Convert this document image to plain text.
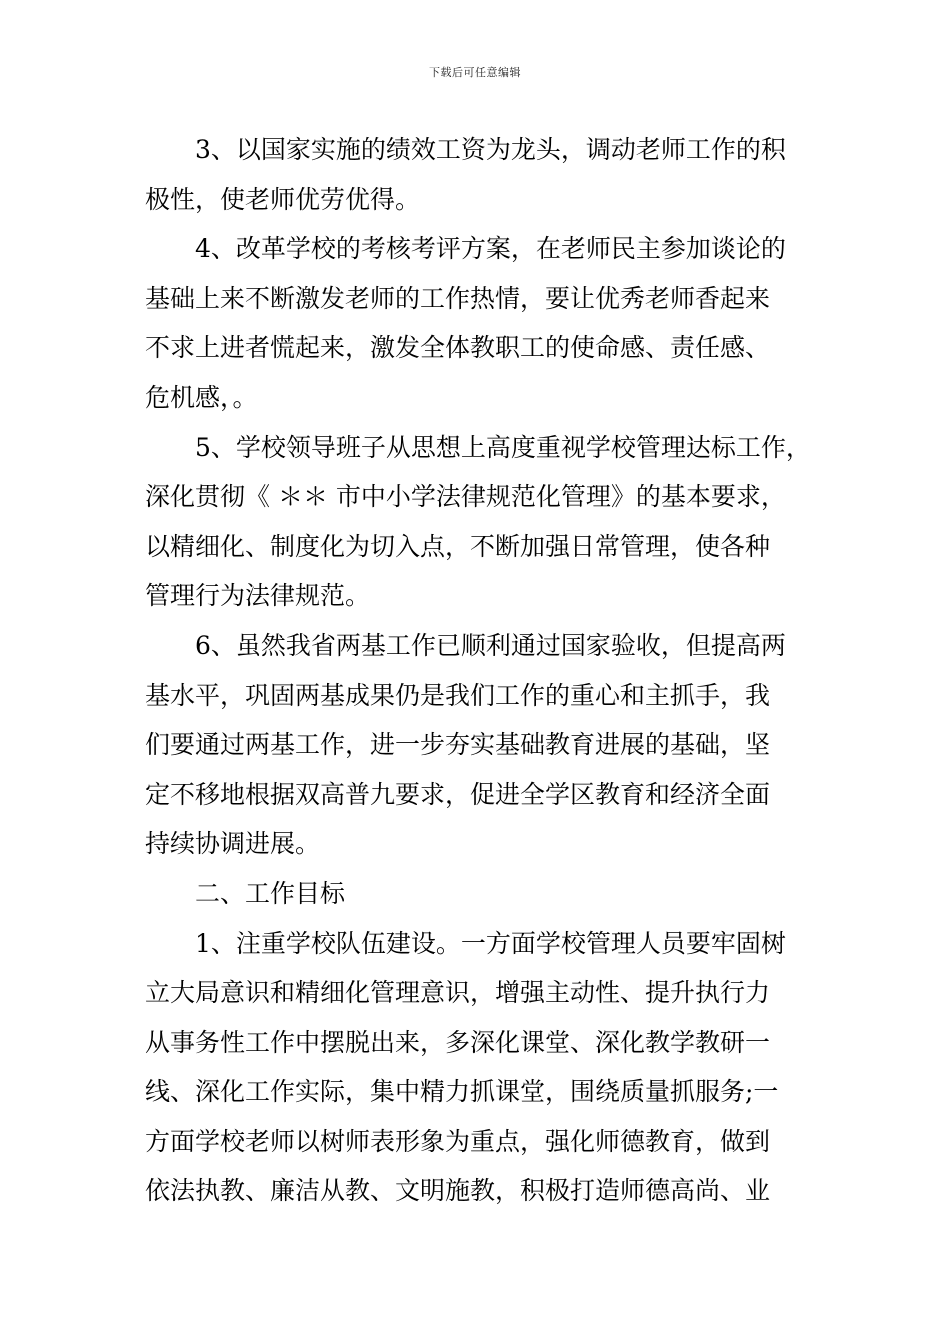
下载后可任意编辑
3、以国家实施的绩效工资为龙头，调动老师工作的积
极性，使老师优劳优得。
4、改革学校的考核考评方案，在老师民主参加谈论的
基础上来不断激发老师的工作热情，要让优秀老师香起来
不求上进者慌起来，激发全体教职工的使命感、责任感、
危机感，。
5、学校领导班子从思想上高度重视学校管理达标工作，
深化贯彻《 ＊＊ 市中小学法律规范化管理》的基本要求，
以精细化、制度化为切入点，不断加强日常管理，使各种
管理行为法律规范。
6、虽然我省两基工作已顺利通过国家验收，但提高两
基水平，巩固两基成果仍是我们工作的重心和主抓手，我
们要通过两基工作，进一步夯实基础教育进展的基础，坚
定不移地根据双高普九要求，促进全学区教育和经济全面
持续协调进展。
二、工作目标
1、注重学校队伍建设。一方面学校管理人员要牢固树
立大局意识和精细化管理意识，增强主动性、提升执行力
从事务性工作中摆脱出来，多深化课堂、深化教学教研一
线、深化工作实际，集中精力抓课堂，围绕质量抓服务;一
方面学校老师以树师表形象为重点，强化师德教育，做到
依法执教、廉洁从教、文明施教，积极打造师德高尚、业
